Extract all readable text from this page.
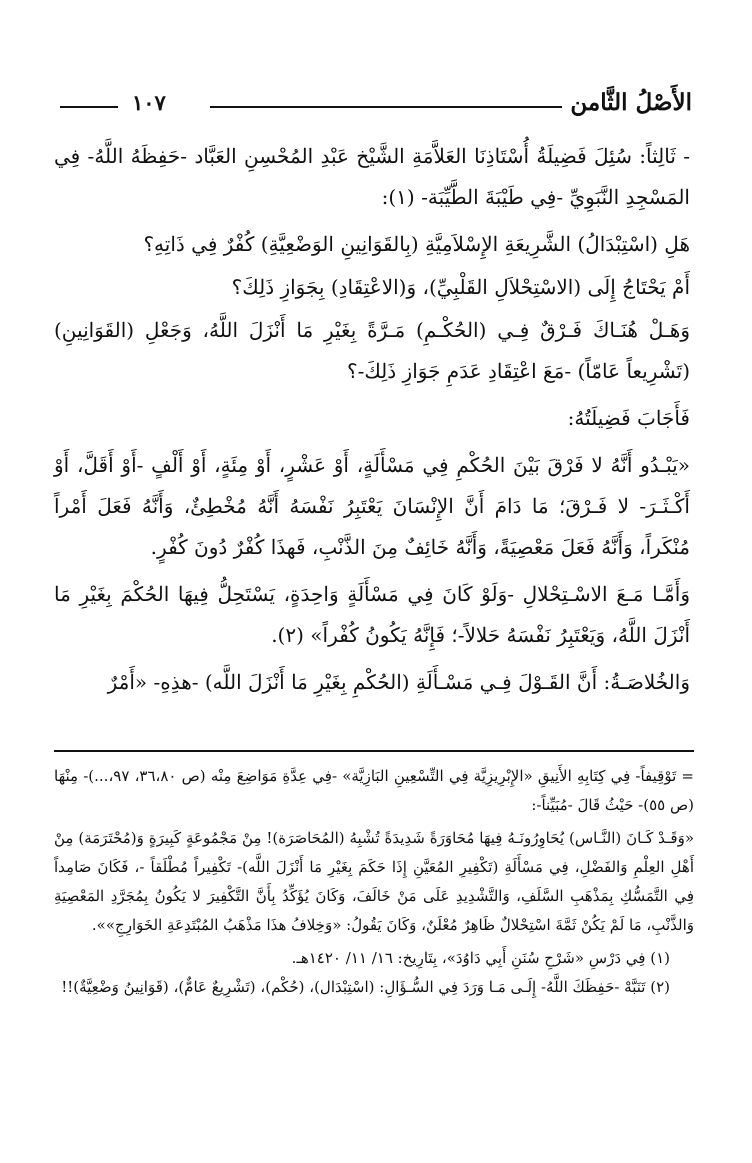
الأَصْلُ الثَّامن
١٠٧

- ثَالِثاً: سُئِلَ فَضِيلَةُ أُسْتَاذِنَا العَلاَّمَةِ الشَّيْخ عَبْدِ المُحْسِنِ العَبَّاد -حَفِظَهُ اللَّهُ- فِي المَسْجِدِ النَّبَوِيِّ -فِي طَيْبَةَ الطَّيِّبَة- (١):

هَلِ (اسْتِبْدَالُ) الشَّرِيعَةِ الإِسْلاَمِيَّةِ (بِالقَوَانِينِ الوَضْعِيَّةِ) كُفْرٌ فِي ذَاتِهِ؟

أَمْ يَحْتَاجُ إِلَى (الاسْتِحْلاَلِ القَلْبِيِّ)، وَ(الاعْتِقَادِ) بِجَوَازِ ذَلِكَ؟

وَهَـلْ هُنَـاكَ فَـرْقٌ فِـي (الحُكْـمِ) مَـرَّةً بِغَيْرِ مَا أَنْزَلَ اللَّهُ، وَجَعْلِ (القَوَانِينِ) (تَشْرِيعاً عَامّاً) -مَعَ اعْتِقَادِ عَدَمِ جَوَازِ ذَلِكَ-؟

فَأَجَابَ فَضِيلَتُهُ:

«يَبْـدُو أَنَّهُ لا فَرْقَ بَيْنَ الحُكْمِ فِي مَسْأَلَةٍ، أَوْ عَشْرٍ، أَوْ مِئَةٍ، أَوْ أَلْفٍ -أَوْ أَقَلَّ، أَوْ أَكْـثَـرَ- لا فَـرْقَ؛ مَا دَامَ أَنَّ الإِنْسَانَ يَعْتَبِرُ نَفْسَهُ أَنَّهُ مُخْطِئٌ، وَأَنَّهُ فَعَلَ أَمْراً مُنْكَراً، وَأَنَّهُ فَعَلَ مَعْصِيَةً، وَأَنَّهُ خَائِفٌ مِنَ الذَّنْبِ، فَهذَا كُفْرٌ دُونَ كُفْرٍ.

وَأَمَّـا مَـعَ الاسْـتِحْلالِ -وَلَوْ كَانَ فِي مَسْأَلَةٍ وَاحِدَةٍ، يَسْتَحِلُّ فِيهَا الحُكْمَ بِغَيْرِ مَا أَنْزَلَ اللَّهُ، وَيَعْتَبِرُ نَفْسَهُ حَلالاً-؛ فَإِنَّهُ يَكُونُ كُفْراً» (٢).

وَالخُلاصَـةُ: أَنَّ القَـوْلَ فِـي مَسْـأَلَةِ (الحُكْمِ بِغَيْرِ مَا أَنْزَلَ اللَّه) -هذِهِ- «أَمْرٌ

= تَوْقِيفاً- فِي كِتَابِهِ الأَنِيقِ «الإِبْرِيزِيَّة فِي التِّسْعِينِ البَازِيَّة» -فِي عِدَّةِ مَوَاضِعَ مِنْه (ص ٣٦،٨٠، ٩٧،...)- مِنْهَا (ص ٥٥)- حَيْثُ قَالَ -مُبَيِّناً-:

«وَقَـدْ كَـانَ (النَّـاس) يُحَاوِرُونَـهُ فِيهَا مُحَاوَرَةً شَدِيدَةً تُشْبِهُ (المُحَاصَرَة)! مِنْ مَجْمُوعَةٍ كَبِيرَةٍ وَ(مُحْتَرَمَة) مِنْ أَهْلِ العِلْمِ وَالفَضْلِ، فِي مَسْأَلَةِ (تَكْفِيرِ المُعَيَّنِ إِذَا حَكَمَ بِغَيْرِ مَا أَنْزَلَ اللَّه)- تَكْفِيراً مُطْلَقاً -، فَكَانَ صَامِداً فِي التَّمَسُّكِ بِمَذْهَبِ السَّلَفِ، وَالتَّشْدِيدِ عَلَى مَنْ خَالَفَ، وَكَانَ يُؤَكِّدُ بِأَنَّ التَّكْفِيرَ لا يَكُونُ بِمُجَرَّدِ المَعْصِيَةِ وَالذَّنْبِ، مَا لَمْ يَكُنْ ثَمَّةَ اسْتِحْلالٌ ظَاهِرٌ مُعْلَنٌ، وَكَانَ يَقُولُ: «وَخِلافُ هذَا مَذْهَبُ المُبْتَدِعَةِ الخَوَارِجِ»».

(١) فِي دَرْسِ «شَرْحِ سُنَنِ أَبِي دَاوُدَ»، بِتَارِيخ: ١٦/ ١١/ ١٤٢٠هـ.

(٢) تَنَبَّهْ -حَفِظَكَ اللَّهُ- إِلَـى مَـا وَرَدَ فِي السُّـؤَالِ: (اسْتِبْدَال)، (حُكْم)، (تَشْرِيعٌ عَامٌّ)، (قَوَانِينُ وَضْعِيَّةٌ)!!
